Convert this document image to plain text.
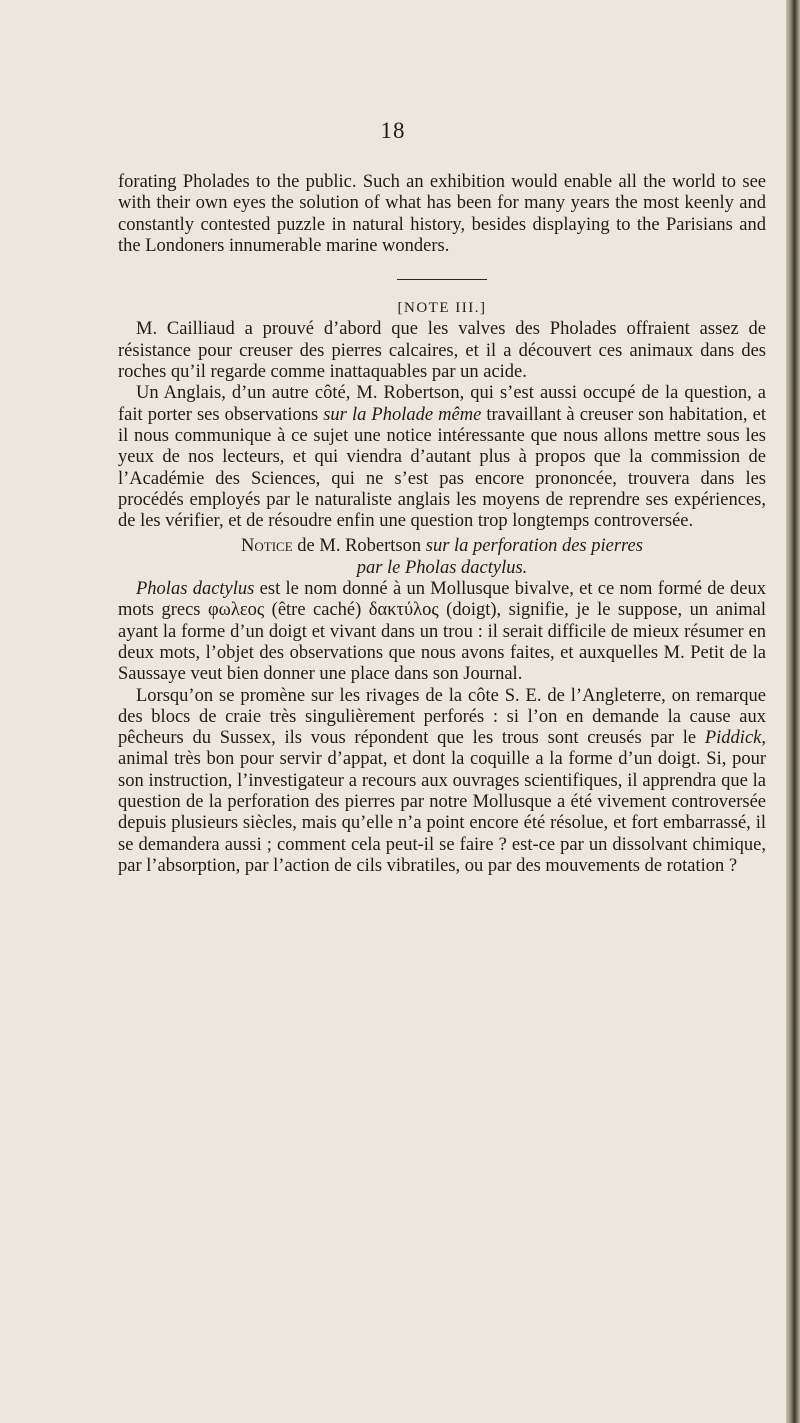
18

forating Pholades to the public. Such an exhibition would enable all the world to see with their own eyes the solution of what has been for many years the most keenly and constantly contested puzzle in natural history, besides displaying to the Parisians and the Londoners innumerable marine wonders.

[NOTE III.]

M. Cailliaud a prouvé d’abord que les valves des Pholades offraient assez de résistance pour creuser des pierres calcaires, et il a découvert ces animaux dans des roches qu’il regarde comme inattaquables par un acide.

Un Anglais, d’un autre côté, M. Robertson, qui s’est aussi occupé de la question, a fait porter ses observations sur la Pholade même travaillant à creuser son habitation, et il nous communique à ce sujet une notice intéressante que nous allons mettre sous les yeux de nos lecteurs, et qui viendra d’autant plus à propos que la commission de l’Académie des Sciences, qui ne s’est pas encore prononcée, trouvera dans les procédés employés par le naturaliste anglais les moyens de reprendre ses expériences, de les vérifier, et de résoudre enfin une question trop longtemps controversée.

Notice de M. Robertson sur la perforation des pierres
par le Pholas dactylus.

Pholas dactylus est le nom donné à un Mollusque bivalve, et ce nom formé de deux mots grecs φωλεος (être caché) δακτύλος (doigt), signifie, je le suppose, un animal ayant la forme d’un doigt et vivant dans un trou : il serait difficile de mieux résumer en deux mots, l’objet des observations que nous avons faites, et auxquelles M. Petit de la Saussaye veut bien donner une place dans son Journal.

Lorsqu’on se promène sur les rivages de la côte S. E. de l’Angleterre, on remarque des blocs de craie très singulièrement perforés : si l’on en demande la cause aux pêcheurs du Sussex, ils vous répondent que les trous sont creusés par le Piddick, animal très bon pour servir d’appat, et dont la coquille a la forme d’un doigt. Si, pour son instruction, l’investigateur a recours aux ouvrages scientifiques, il apprendra que la question de la perforation des pierres par notre Mollusque a été vivement controversée depuis plusieurs siècles, mais qu’elle n’a point encore été résolue, et fort embarrassé, il se demandera aussi ; comment cela peut-il se faire ? est-ce par un dissolvant chimique, par l’absorption, par l’action de cils vibratiles, ou par des mouvements de rotation ?
